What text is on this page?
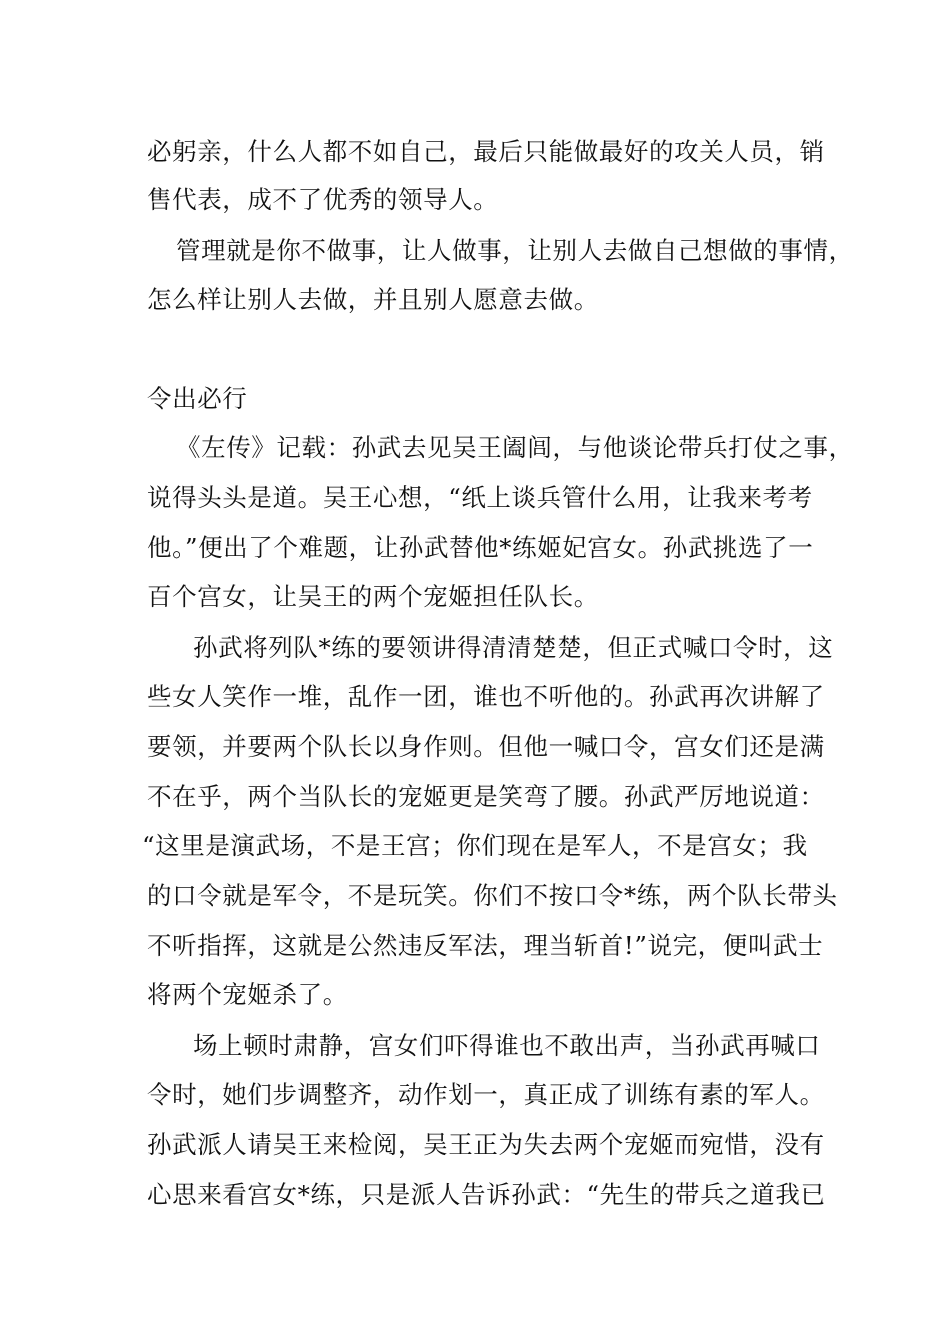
必躬亲，什么人都不如自己，最后只能做最好的攻关人员，销
售代表，成不了优秀的领导人。
管理就是你不做事，让人做事，让别人去做自己想做的事情，
怎么样让别人去做，并且别人愿意去做。
令出必行
《左传》记载：孙武去见吴王阖闾，与他谈论带兵打仗之事，
说得头头是道。吴王心想，“纸上谈兵管什么用，让我来考考
他。”便出了个难题，让孙武替他*练姬妃宫女。孙武挑选了一
百个宫女，让吴王的两个宠姬担任队长。
孙武将列队*练的要领讲得清清楚楚，但正式喊口令时，这
些女人笑作一堆，乱作一团，谁也不听他的。孙武再次讲解了
要领，并要两个队长以身作则。但他一喊口令，宫女们还是满
不在乎，两个当队长的宠姬更是笑弯了腰。孙武严厉地说道：
“这里是演武场，不是王宫；你们现在是军人，不是宫女；我
的口令就是军令，不是玩笑。你们不按口令*练，两个队长带头
不听指挥，这就是公然违反军法，理当斩首!”说完，便叫武士
将两个宠姬杀了。
场上顿时肃静，宫女们吓得谁也不敢出声，当孙武再喊口
令时，她们步调整齐，动作划一，真正成了训练有素的军人。
孙武派人请吴王来检阅，吴王正为失去两个宠姬而宛惜，没有
心思来看宫女*练，只是派人告诉孙武：“先生的带兵之道我已
